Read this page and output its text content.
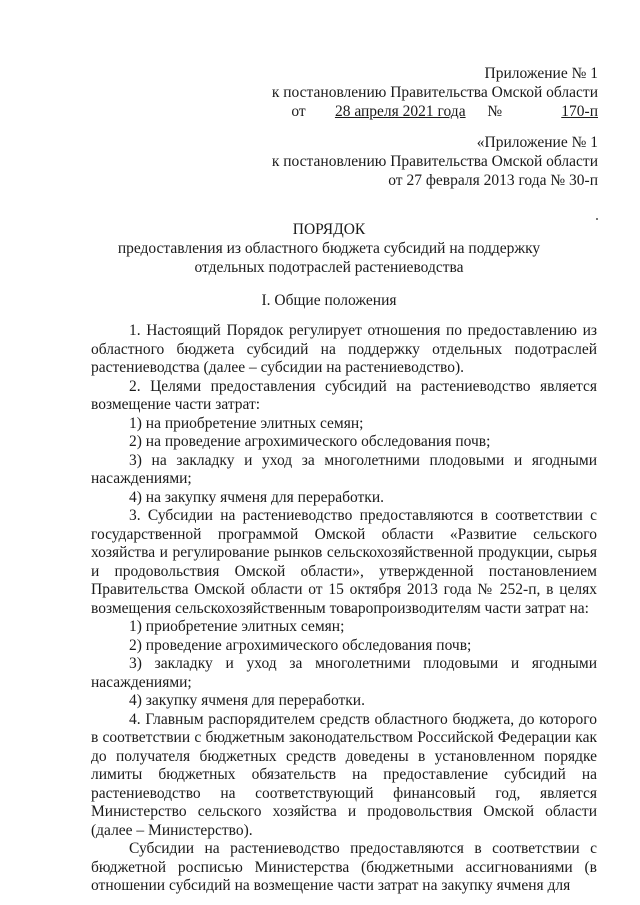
Приложение № 1
к постановлению Правительства Омской области
от 28 апреля 2021 года №	170-п
«Приложение № 1
к постановлению Правительства Омской области
от 27 февраля 2013 года № 30-п
ПОРЯДОК
предоставления из областного бюджета субсидий на поддержку
отдельных подотраслей растениеводства
I. Общие положения

1. Настоящий Порядок регулирует отношения по предоставлению из областного бюджета субсидий на поддержку отдельных подотраслей растениеводства (далее – субсидии на растениеводство).

2. Целями предоставления субсидий на растениеводство является возмещение части затрат:

1) на приобретение элитных семян;

2) на проведение агрохимического обследования почв;

3) на закладку и уход за многолетними плодовыми и ягодными насаждениями;

4) на закупку ячменя для переработки.

3. Субсидии на растениеводство предоставляются в соответствии с государственной программой Омской области «Развитие сельского хозяйства и регулирование рынков сельскохозяйственной продукции, сырья и продовольствия Омской области», утвержденной постановлением Правительства Омской области от 15 октября 2013 года № 252-п, в целях возмещения сельскохозяйственным товаропроизводителям части затрат на:

1) приобретение элитных семян;

2) проведение агрохимического обследования почв;

3) закладку и уход за многолетними плодовыми и ягодными насаждениями;

4) закупку ячменя для переработки.

4. Главным распорядителем средств областного бюджета, до которого в соответствии с бюджетным законодательством Российской Федерации как до получателя бюджетных средств доведены в установленном порядке лимиты бюджетных обязательств на предоставление субсидий на растениеводство на соответствующий финансовый год, является Министерство сельского хозяйства и продовольствия Омской области (далее – Министерство).

Субсидии на растениеводство предоставляются в соответствии с бюджетной росписью Министерства (бюджетными ассигнованиями (в отношении субсидий на возмещение части затрат на закупку ячменя для
